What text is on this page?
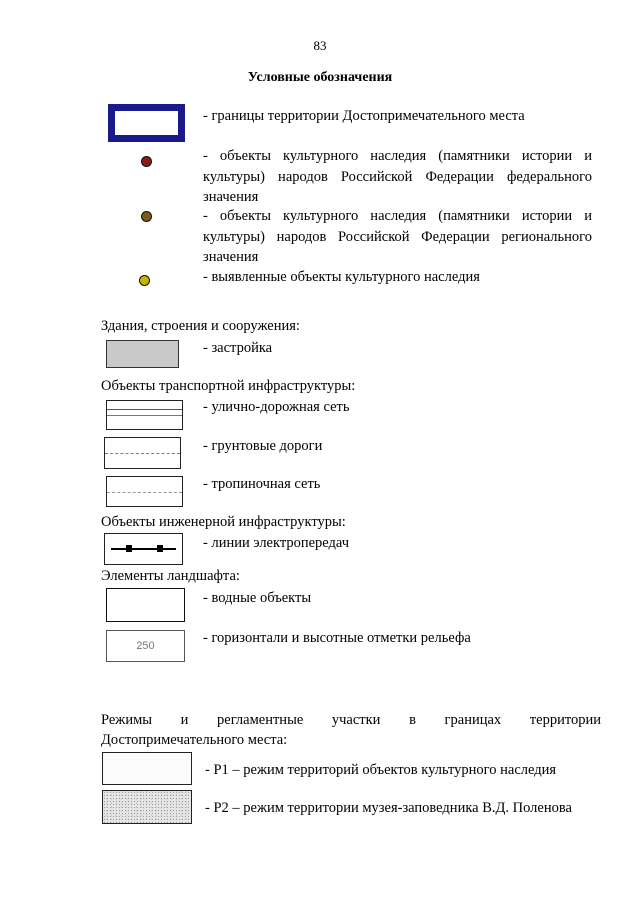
83
Условные обозначения
- границы территории Достопримечательного места
- объекты культурного наследия (памятники истории и культуры) народов Российской Федерации федерального значения
- объекты культурного наследия (памятники истории и культуры) народов Российской Федерации регионального значения
- выявленные объекты культурного наследия
Здания, строения и сооружения:
- застройка
Объекты транспортной инфраструктуры:
- улично-дорожная сеть
- грунтовые дороги
- тропиночная сеть
Объекты инженерной инфраструктуры:
- линии электропередач
Элементы ландшафта:
- водные объекты
250	- горизонтали и высотные отметки рельефа
Режимы и регламентные участки в границах территории
Достопримечательного места:
- Р1 – режим территорий объектов культурного наследия
- Р2 – режим территории музея-заповедника В.Д. Поленова
